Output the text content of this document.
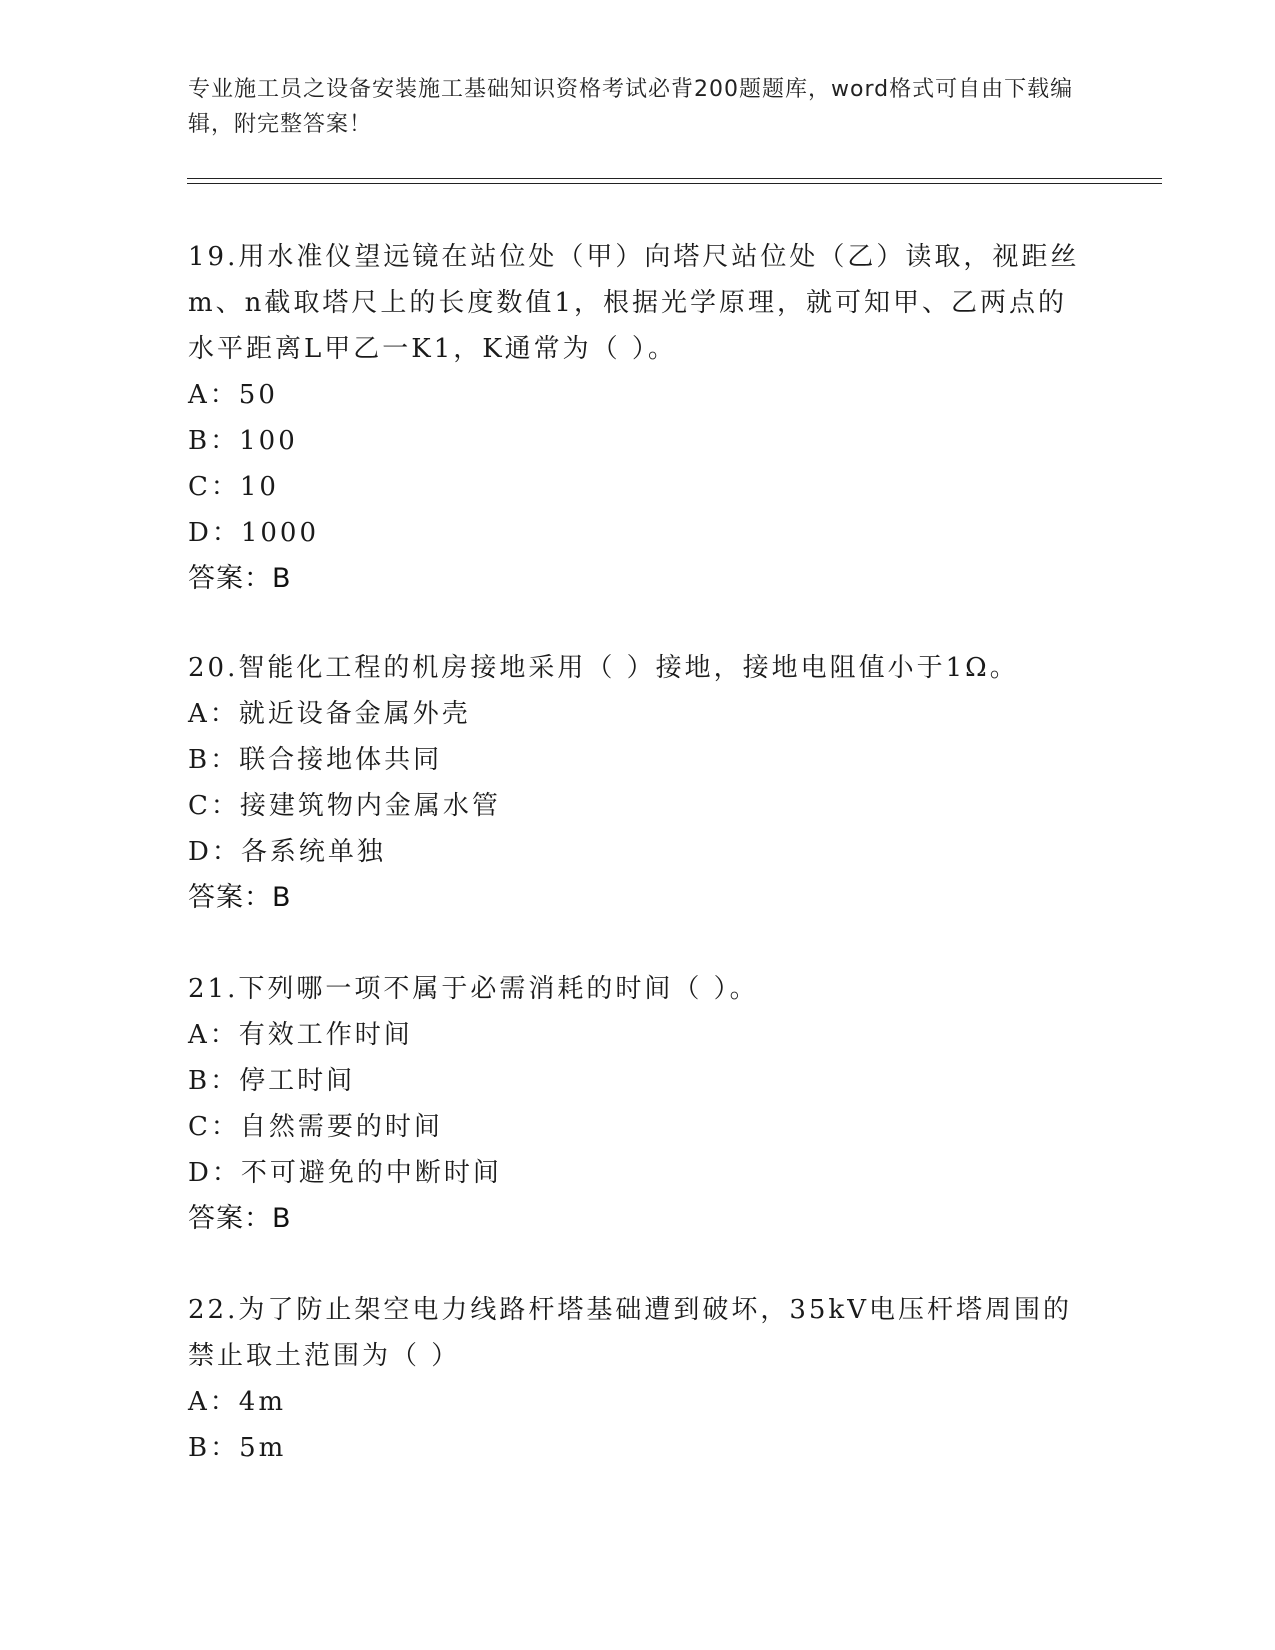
专业施工员之设备安装施工基础知识资格考试必背200题题库，word格式可自由下载编辑，附完整答案！

19.用水准仪望远镜在站位处（甲）向塔尺站位处（乙）读取，视距丝m、n截取塔尺上的长度数值1，根据光学原理，就可知甲、乙两点的水平距离L甲乙一K1，K通常为（ ）。

A：50

B：100

C：10

D：1000

答案：B

20.智能化工程的机房接地采用（ ）接地，接地电阻值小于1Ω。

A：就近设备金属外壳

B：联合接地体共同

C：接建筑物内金属水管

D：各系统单独

答案：B

21.下列哪一项不属于必需消耗的时间（ ）。

A：有效工作时间

B：停工时间

C：自然需要的时间

D：不可避免的中断时间

答案：B

22.为了防止架空电力线路杆塔基础遭到破坏，35kV电压杆塔周围的禁止取土范围为（ ）

A：4m

B：5m
